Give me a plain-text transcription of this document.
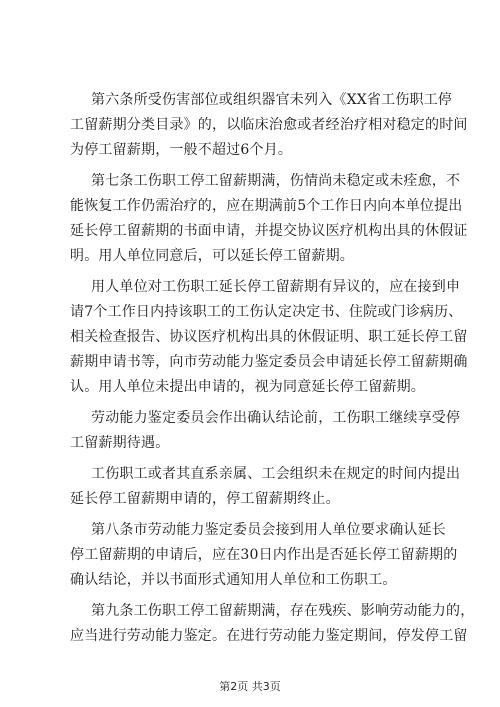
第六条所受伤害部位或组织器官未列入《XX省工伤职工停
工留薪期分类目录》的，以临床治愈或者经治疗相对稳定的时间
为停工留薪期，一般不超过6个月。

第七条工伤职工停工留薪期满，伤情尚未稳定或未痊愈，不
能恢复工作仍需治疗的，应在期满前5个工作日内向本单位提出
延长停工留薪期的书面申请，并提交协议医疗机构出具的休假证
明。用人单位同意后，可以延长停工留薪期。

用人单位对工伤职工延长停工留薪期有异议的，应在接到申
请7个工作日内持该职工的工伤认定决定书、住院或门诊病历、
相关检查报告、协议医疗机构出具的休假证明、职工延长停工留
薪期申请书等，向市劳动能力鉴定委员会申请延长停工留薪期确
认。用人单位未提出申请的，视为同意延长停工留薪期。

劳动能力鉴定委员会作出确认结论前，工伤职工继续享受停
工留薪期待遇。

工伤职工或者其直系亲属、工会组织未在规定的时间内提出
延长停工留薪期申请的，停工留薪期终止。

第八条市劳动能力鉴定委员会接到用人单位要求确认延长
停工留薪期的申请后，应在30日内作出是否延长停工留薪期的
确认结论，并以书面形式通知用人单位和工伤职工。

第九条工伤职工停工留薪期满，存在残疾、影响劳动能力的，
应当进行劳动能力鉴定。在进行劳动能力鉴定期间，停发停工留

第2页 共3页
